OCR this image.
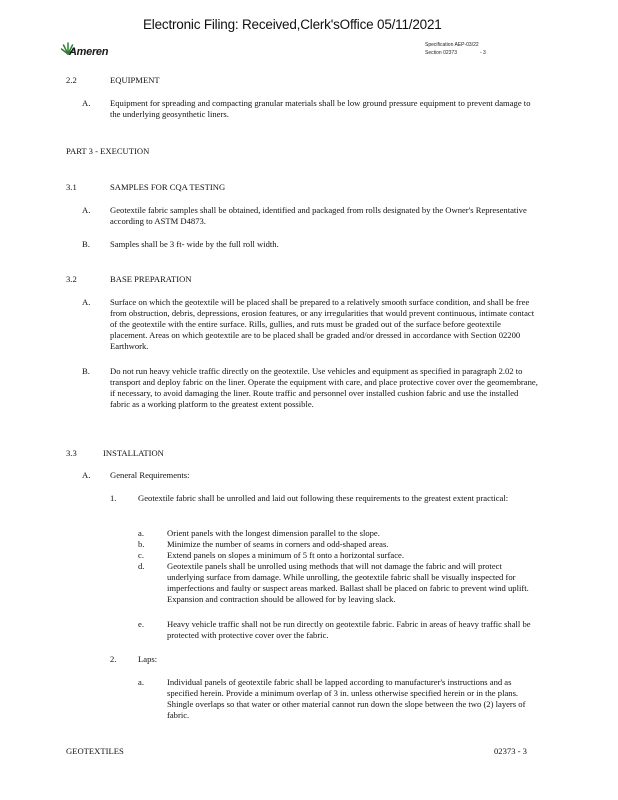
Electronic Filing: Received,Clerk'sOffice 05/11/2021
Ameren
Specification AEP-03/22
Section 02373	- 3
2.2	EQUIPMENT
A. Equipment for spreading and compacting granular materials shall be low ground pressure equipment to prevent damage to the underlying geosynthetic liners.
PART 3 - EXECUTION
3.1	SAMPLES FOR CQA TESTING
A. Geotextile fabric samples shall be obtained, identified and packaged from rolls designated by the Owner's Representative according to ASTM D4873.
B. Samples shall be 3 ft- wide by the full roll width.
3.2	BASE PREPARATION
A. Surface on which the geotextile will be placed shall be prepared to a relatively smooth surface condition, and shall be free from obstruction, debris, depressions, erosion features, or any irregularities that would prevent continuous, intimate contact of the geotextile with the entire surface. Rills, gullies, and ruts must be graded out of the surface before geotextile placement. Areas on which geotextile are to be placed shall be graded and/or dressed in accordance with Section 02200 Earthwork.
B. Do not run heavy vehicle traffic directly on the geotextile. Use vehicles and equipment as specified in paragraph 2.02 to transport and deploy fabric on the liner. Operate the equipment with care, and place protective cover over the geomembrane, if necessary, to avoid damaging the liner. Route traffic and personnel over installed cushion fabric and use the installed fabric as a working platform to the greatest extent possible.
3.3	INSTALLATION
A. General Requirements:
1.	Geotextile fabric shall be unrolled and laid out following these requirements to the greatest extent practical:
a.	Orient panels with the longest dimension parallel to the slope.
b.	Minimize the number of seams in corners and odd-shaped areas.
c.	Extend panels on slopes a minimum of 5 ft onto a horizontal surface.
d.	Geotextile panels shall be unrolled using methods that will not damage the fabric and will protect underlying surface from damage. While unrolling, the geotextile fabric shall be visually inspected for imperfections and faulty or suspect areas marked. Ballast shall be placed on fabric to prevent wind uplift. Expansion and contraction should be allowed for by leaving slack.
e.	Heavy vehicle traffic shall not be run directly on geotextile fabric. Fabric in areas of heavy traffic shall be protected with protective cover over the fabric.
2.	Laps:
a.	Individual panels of geotextile fabric shall be lapped according to manufacturer's instructions and as specified herein. Provide a minimum overlap of 3 in. unless otherwise specified herein or in the plans. Shingle overlaps so that water or other material cannot run down the slope between the two (2) layers of fabric.
GEOTEXTILES	02373 - 3
